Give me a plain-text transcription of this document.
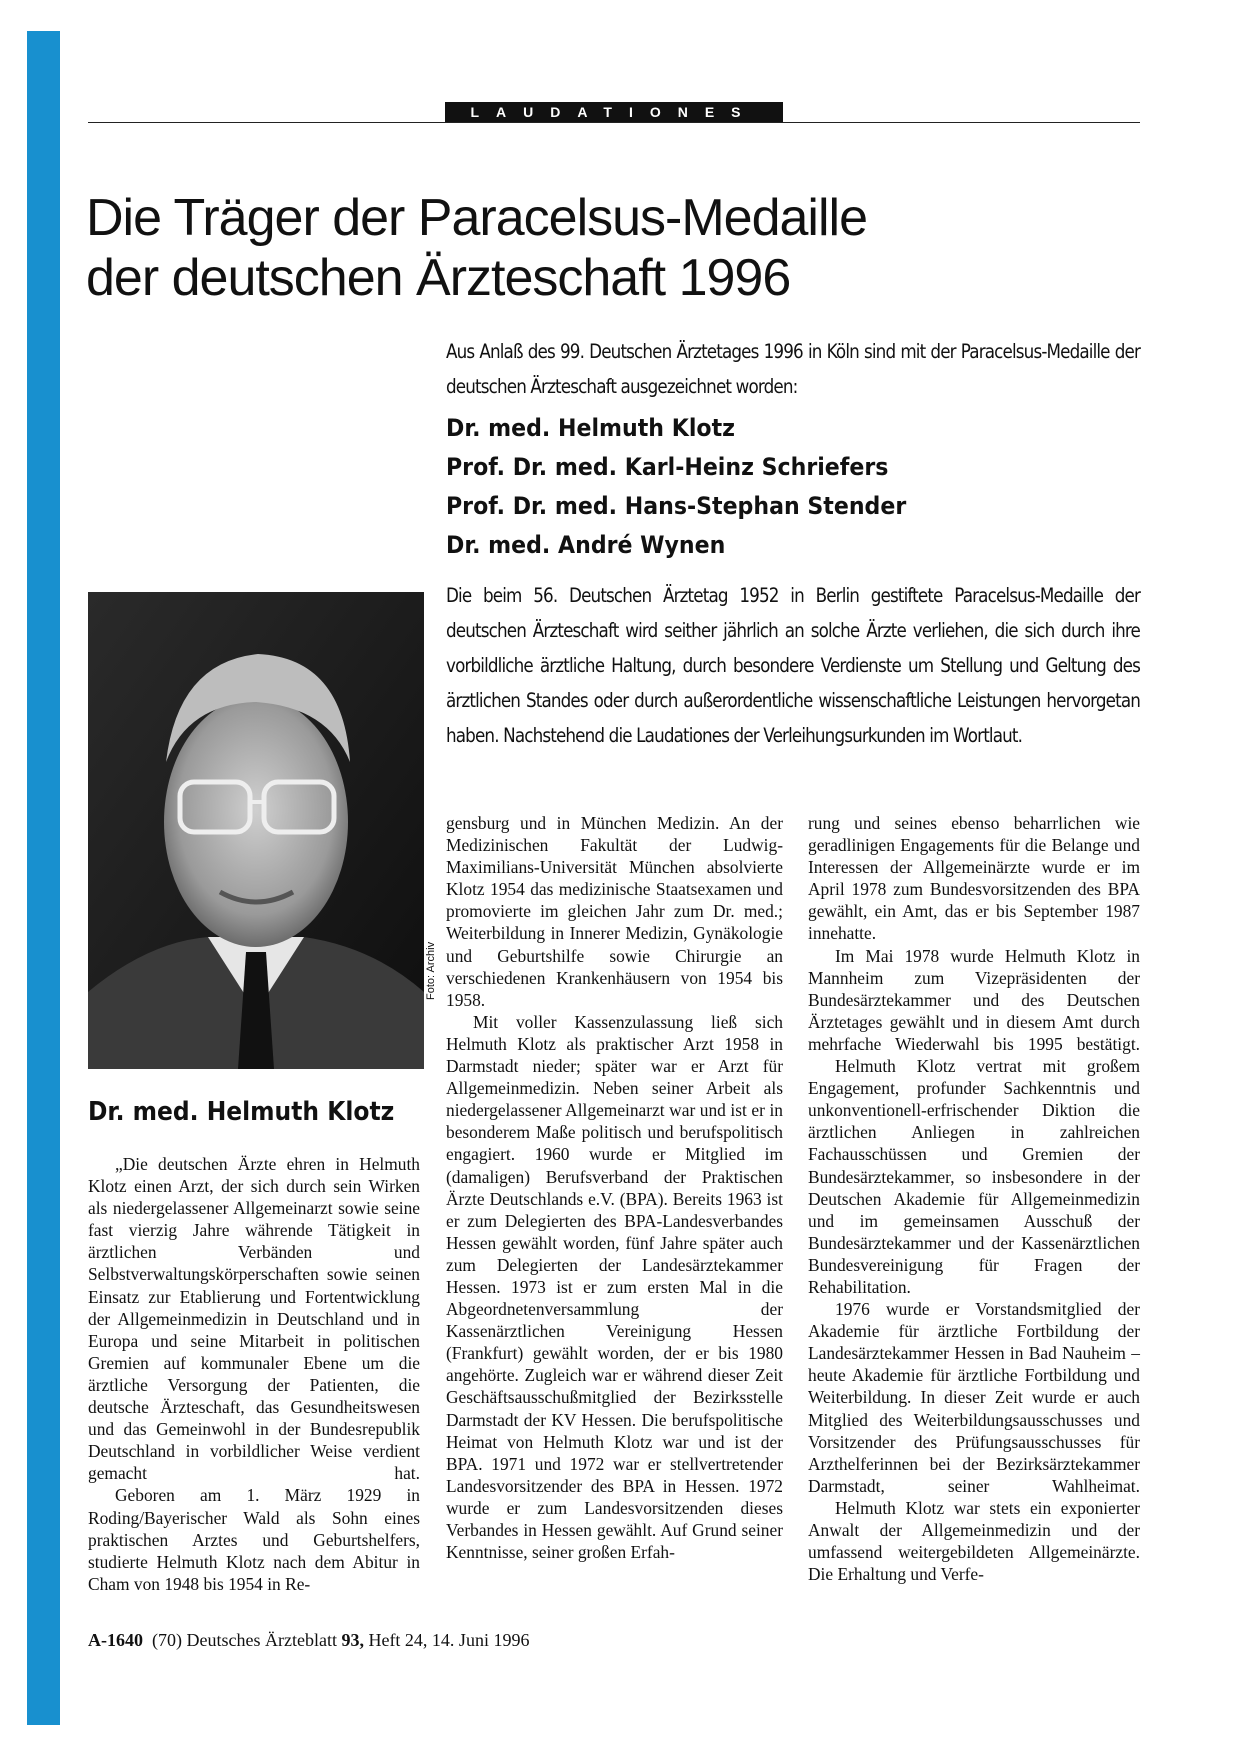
LAUDATIONES
Die Träger der Paracelsus-Medaille
der deutschen Ärzteschaft 1996

Aus Anlaß des 99. Deutschen Ärztetages 1996 in Köln sind mit der Paracelsus-Medaille der deutschen Ärzteschaft ausgezeichnet worden:

Dr. med. Helmuth Klotz
Prof. Dr. med. Karl-Heinz Schriefers
Prof. Dr. med. Hans-Stephan Stender
Dr. med. André Wynen

Die beim 56. Deutschen Ärztetag 1952 in Berlin gestiftete Paracelsus-Medaille der deutschen Ärzteschaft wird seither jährlich an solche Ärzte verliehen, die sich durch ihre vorbildliche ärztliche Haltung, durch besondere Verdienste um Stellung und Geltung des ärztlichen Standes oder durch außerordentliche wissenschaftliche Leistungen hervorgetan haben. Nachstehend die Laudationes der Verleihungsurkunden im Wortlaut.

Foto: Archiv
Dr. med. Helmuth Klotz

„Die deutschen Ärzte ehren in Helmuth Klotz einen Arzt, der sich durch sein Wirken als niedergelassener Allgemeinarzt sowie seine fast vierzig Jahre währende Tätigkeit in ärztlichen Verbänden und Selbstverwaltungskörperschaften sowie seinen Einsatz zur Etablierung und Fortentwicklung der Allgemeinmedizin in Deutschland und in Europa und seine Mitarbeit in politischen Gremien auf kommunaler Ebene um die ärztliche Versorgung der Patienten, die deutsche Ärzteschaft, das Gesundheitswesen und das Gemeinwohl in der Bundesrepublik Deutschland in vorbildlicher Weise verdient gemacht hat.

Geboren am 1. März 1929 in Roding/Bayerischer Wald als Sohn eines praktischen Arztes und Geburtshelfers, studierte Helmuth Klotz nach dem Abitur in Cham von 1948 bis 1954 in Re-

gensburg und in München Medizin. An der Medizinischen Fakultät der Ludwig-Maximilians-Universität München absolvierte Klotz 1954 das medizinische Staatsexamen und promovierte im gleichen Jahr zum Dr. med.; Weiterbildung in Innerer Medizin, Gynäkologie und Geburtshilfe sowie Chirurgie an verschiedenen Krankenhäusern von 1954 bis 1958.

Mit voller Kassenzulassung ließ sich Helmuth Klotz als praktischer Arzt 1958 in Darmstadt nieder; später war er Arzt für Allgemeinmedizin. Neben seiner Arbeit als niedergelassener Allgemeinarzt war und ist er in besonderem Maße politisch und berufspolitisch engagiert. 1960 wurde er Mitglied im (damaligen) Berufsverband der Praktischen Ärzte Deutschlands e.V. (BPA). Bereits 1963 ist er zum Delegierten des BPA-Landesverbandes Hessen gewählt worden, fünf Jahre später auch zum Delegierten der Landesärztekammer Hessen. 1973 ist er zum ersten Mal in die Abgeordnetenversammlung der Kassenärztlichen Vereinigung Hessen (Frankfurt) gewählt worden, der er bis 1980 angehörte. Zugleich war er während dieser Zeit Geschäftsausschußmitglied der Bezirksstelle Darmstadt der KV Hessen. Die berufspolitische Heimat von Helmuth Klotz war und ist der BPA. 1971 und 1972 war er stellvertretender Landesvorsitzender des BPA in Hessen. 1972 wurde er zum Landesvorsitzenden dieses Verbandes in Hessen gewählt. Auf Grund seiner Kenntnisse, seiner großen Erfah-

rung und seines ebenso beharrlichen wie geradlinigen Engagements für die Belange und Interessen der Allgemeinärzte wurde er im April 1978 zum Bundesvorsitzenden des BPA gewählt, ein Amt, das er bis September 1987 innehatte.

Im Mai 1978 wurde Helmuth Klotz in Mannheim zum Vizepräsidenten der Bundesärztekammer und des Deutschen Ärztetages gewählt und in diesem Amt durch mehrfache Wiederwahl bis 1995 bestätigt.

Helmuth Klotz vertrat mit großem Engagement, profunder Sachkenntnis und unkonventionell-erfrischender Diktion die ärztlichen Anliegen in zahlreichen Fachausschüssen und Gremien der Bundesärztekammer, so insbesondere in der Deutschen Akademie für Allgemeinmedizin und im gemeinsamen Ausschuß der Bundesärztekammer und der Kassenärztlichen Bundesvereinigung für Fragen der Rehabilitation.

1976 wurde er Vorstandsmitglied der Akademie für ärztliche Fortbildung der Landesärztekammer Hessen in Bad Nauheim – heute Akademie für ärztliche Fortbildung und Weiterbildung. In dieser Zeit wurde er auch Mitglied des Weiterbildungsausschusses und Vorsitzender des Prüfungsausschusses für Arzthelferinnen bei der Bezirksärztekammer Darmstadt, seiner Wahlheimat.

Helmuth Klotz war stets ein exponierter Anwalt der Allgemeinmedizin und der umfassend weitergebildeten Allgemeinärzte. Die Erhaltung und Verfe-

A-1640 (70) Deutsches Ärzteblatt 93, Heft 24, 14. Juni 1996
